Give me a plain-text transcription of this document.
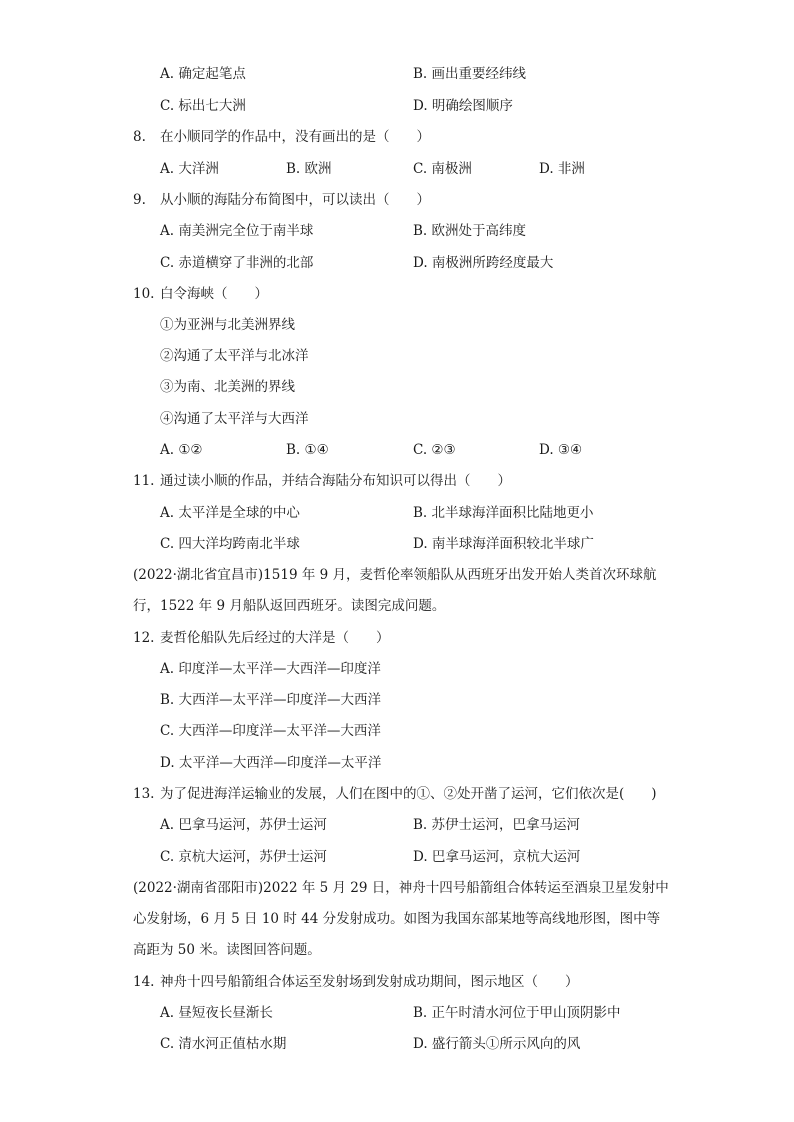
A. 确定起笔点	B. 画出重要经纬线
C. 标出七大洲	D. 明确绘图顺序
8. 在小顺同学的作品中，没有画出的是（　　）
A. 大洋洲	B. 欧洲	C. 南极洲	D. 非洲
9. 从小顺的海陆分布简图中，可以读出（　　）
A. 南美洲完全位于南半球	B. 欧洲处于高纬度
C. 赤道横穿了非洲的北部	D. 南极洲所跨经度最大
10. 白令海峡（　　）
①为亚洲与北美洲界线
②沟通了太平洋与北冰洋
③为南、北美洲的界线
④沟通了太平洋与大西洋
A. ①②	B. ①④	C. ②③	D. ③④
11. 通过读小顺的作品，并结合海陆分布知识可以得出（　　）
A. 太平洋是全球的中心	B. 北半球海洋面积比陆地更小
C. 四大洋均跨南北半球	D. 南半球海洋面积较北半球广
(2022·湖北省宜昌市)1519 年 9 月，麦哲伦率领船队从西班牙出发开始人类首次环球航
行，1522 年 9 月船队返回西班牙。读图完成问题。
12. 麦哲伦船队先后经过的大洋是（　　）
A. 印度洋—太平洋—大西洋—印度洋
B. 大西洋—太平洋—印度洋—大西洋
C. 大西洋—印度洋—太平洋—大西洋
D. 太平洋—大西洋—印度洋—太平洋
13. 为了促进海洋运输业的发展，人们在图中的①、②处开凿了运河，它们依次是(　　)
A. 巴拿马运河，苏伊士运河	B. 苏伊士运河，巴拿马运河
C. 京杭大运河，苏伊士运河	D. 巴拿马运河，京杭大运河
(2022·湖南省邵阳市)2022 年 5 月 29 日，神舟十四号船箭组合体转运至酒泉卫星发射中
心发射场，6 月 5 日 10 时 44 分发射成功。如图为我国东部某地等高线地形图，图中等
高距为 50 米。读图回答问题。
14. 神舟十四号船箭组合体运至发射场到发射成功期间，图示地区（　　）
A. 昼短夜长昼渐长	B. 正午时清水河位于甲山顶阴影中
C. 清水河正值枯水期	D. 盛行箭头①所示风向的风
